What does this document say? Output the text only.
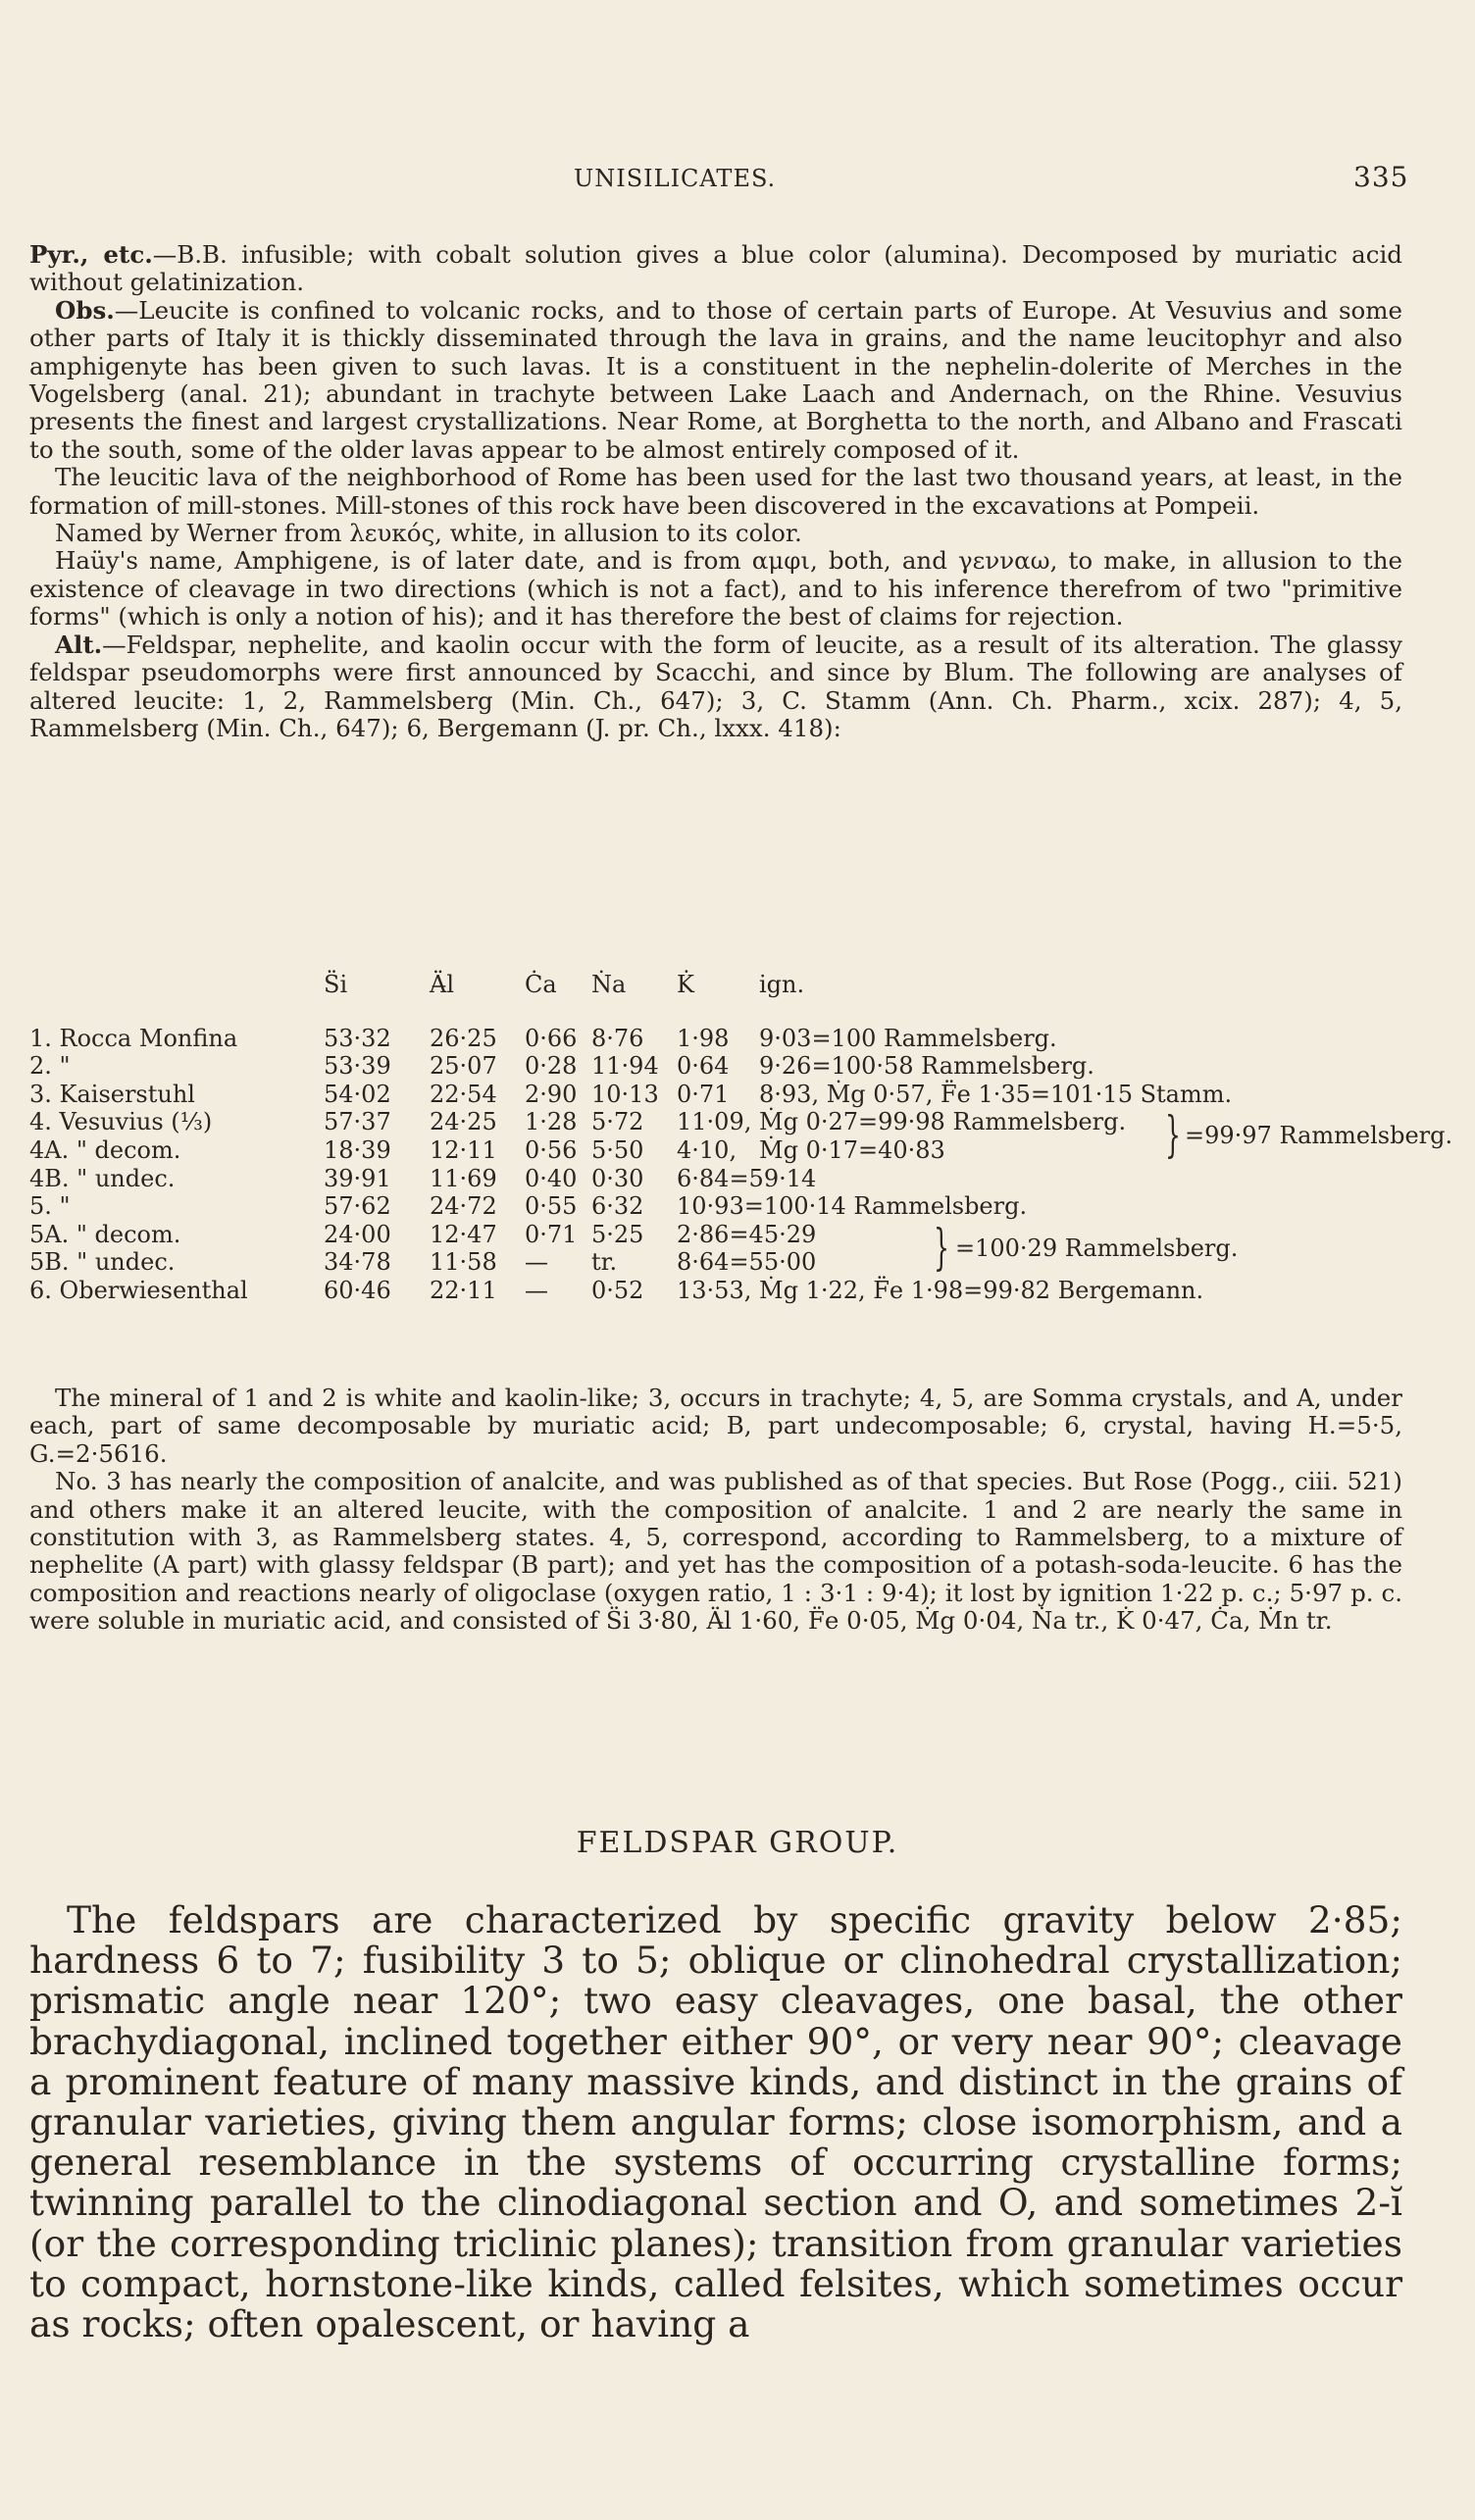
UNISILICATES.	335

Pyr., etc.—B.B. infusible; with cobalt solution gives a blue color (alumina). Decomposed by muriatic acid without gelatinization.

Obs.—Leucite is confined to volcanic rocks, and to those of certain parts of Europe. At Vesuvius and some other parts of Italy it is thickly disseminated through the lava in grains, and the name leucitophyr and also amphigenyte has been given to such lavas. It is a constituent in the nephelin-dolerite of Merches in the Vogelsberg (anal. 21); abundant in trachyte between Lake Laach and Andernach, on the Rhine. Vesuvius presents the finest and largest crystallizations. Near Rome, at Borghetta to the north, and Albano and Frascati to the south, some of the older lavas appear to be almost entirely composed of it.

The leucitic lava of the neighborhood of Rome has been used for the last two thousand years, at least, in the formation of mill-stones. Mill-stones of this rock have been discovered in the excavations at Pompeii.

Named by Werner from λευκός, white, in allusion to its color.

Haüy's name, Amphigene, is of later date, and is from αμφι, both, and γενναω, to make, in allusion to the existence of cleavage in two directions (which is not a fact), and to his inference therefrom of two "primitive forms" (which is only a notion of his); and it has therefore the best of claims for rejection.

Alt.—Feldspar, nephelite, and kaolin occur with the form of leucite, as a result of its alteration. The glassy feldspar pseudomorphs were first announced by Scacchi, and since by Blum. The following are analyses of altered leucite: 1, 2, Rammelsberg (Min. Ch., 647); 3, C. Stamm (Ann. Ch. Pharm., xcix. 287); 4, 5, Rammelsberg (Min. Ch., 647); 6, Bergemann (J. pr. Ch., lxxx. 418):

S̈i	Ä̶l	Ċa Ṅa K̇	ign.
1. Rocca Monfina	53·32 26·25 0·66 8·76 1·98 9·03=100 Rammelsberg.
2. "	53·39 25·07 0·28 11·94 0·64 9·26=100·58 Rammelsberg.
3. Kaiserstuhl	54·02 22·54 2·90 10·13 0·71 8·93, Ṁg 0·57, F̈e 1·35=101·15 Stamm.
4. Vesuvius (⅓)	57·37 24·25 1·28 5·72 11·09, Ṁg 0·27=99·98 Rammelsberg.
4A. " decom.	18·39 12·11 0·56 5·50 4·10, Ṁg 0·17=40·83
4B. " undec.	39·91 11·69 0·40 0·30 6·84=59·14
5. "	57·62 24·72 0·55 6·32 10·93=100·14 Rammelsberg.
5A. " decom.	24·00 12·47 0·71 5·25 2·86=45·29
5B. " undec.	34·78 11·58 — tr.	8·64=55·00
6. Oberwiesenthal	60·46 22·11 — 0·52 13·53, Ṁg 1·22, F̈e 1·98=99·82 Bergemann.
} =99·97 Rammelsberg.
} =100·29 Rammelsberg.

The mineral of 1 and 2 is white and kaolin-like; 3, occurs in trachyte; 4, 5, are Somma crystals, and A, under each, part of same decomposable by muriatic acid; B, part undecomposable; 6, crystal, having H.=5·5, G.=2·5616.

No. 3 has nearly the composition of analcite, and was published as of that species. But Rose (Pogg., ciii. 521) and others make it an altered leucite, with the composition of analcite. 1 and 2 are nearly the same in constitution with 3, as Rammelsberg states. 4, 5, correspond, according to Rammelsberg, to a mixture of nephelite (A part) with glassy feldspar (B part); and yet has the composition of a potash-soda-leucite. 6 has the composition and reactions nearly of oligoclase (oxygen ratio, 1 : 3·1 : 9·4); it lost by ignition 1·22 p. c.; 5·97 p. c. were soluble in muriatic acid, and consisted of S̈i 3·80, Ä̶l 1·60, F̈e 0·05, Ṁg 0·04, Ṅa tr., K̇ 0·47, Ċa, Ṁn tr.

FELDSPAR GROUP.

The feldspars are characterized by specific gravity below 2·85; hardness 6 to 7; fusibility 3 to 5; oblique or clinohedral crystallization; prismatic angle near 120°; two easy cleavages, one basal, the other brachydiagonal, inclined together either 90°, or very near 90°; cleavage a prominent feature of many massive kinds, and distinct in the grains of granular varieties, giving them angular forms; close isomorphism, and a general resemblance in the systems of occurring crystalline forms; twinning parallel to the clinodiagonal section and O, and sometimes 2-ĭ (or the corresponding triclinic planes); transition from granular varieties to compact, hornstone-like kinds, called felsites, which sometimes occur as rocks; often opalescent, or having a
